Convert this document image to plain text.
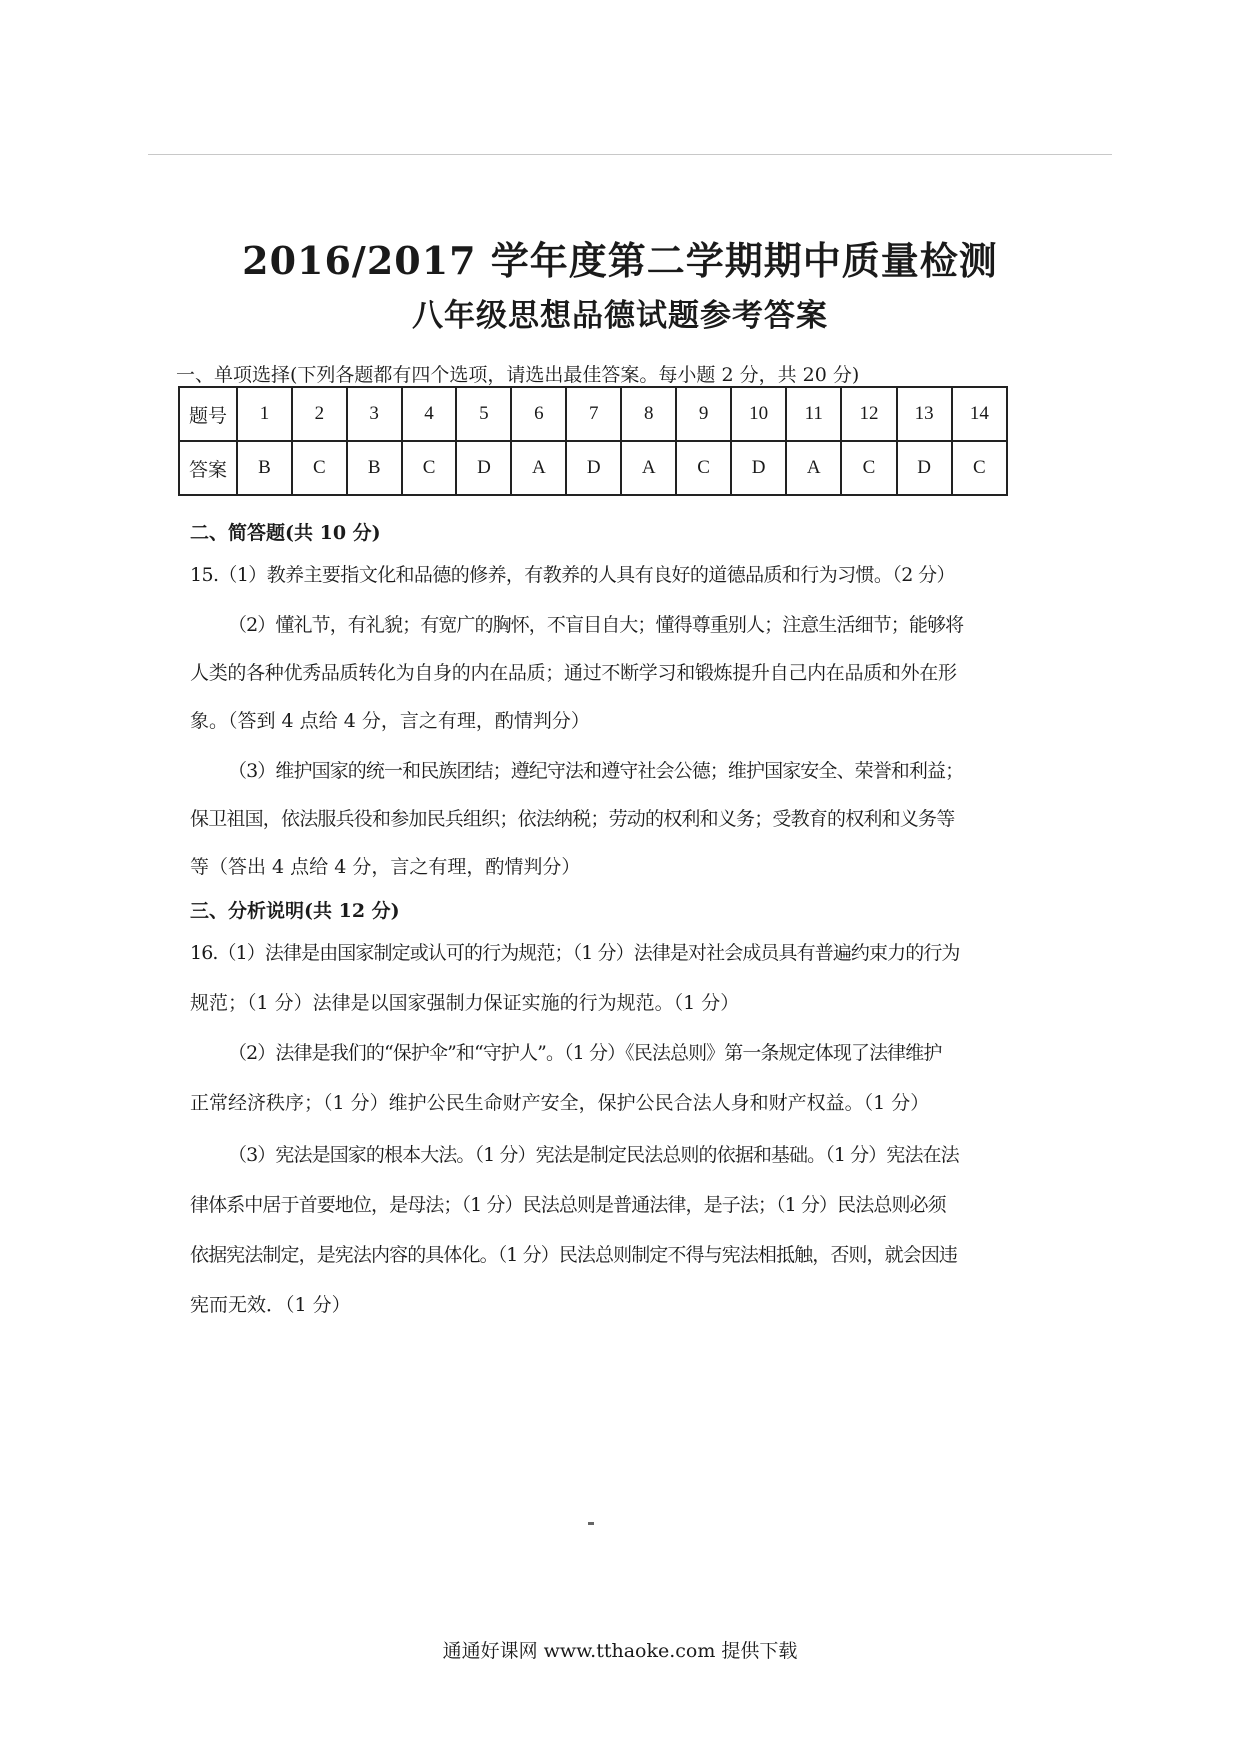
2016/2017 学年度第二学期期中质量检测
八年级思想品德试题参考答案

一、单项选择(下列各题都有四个选项，请选出最佳答案。每小题 2 分，共 20 分)

题号	1	2	3	4	5	6	7	8	9	10	11	12	13	14
答案	B	C	B	C	D	A	D	A	C	D	A	C	D	C

二、简答题(共 10 分)

15.（1）教养主要指文化和品德的修养，有教养的人具有良好的道德品质和行为习惯。（2 分）

（2）懂礼节，有礼貌；有宽广的胸怀，不盲目自大；懂得尊重别人；注意生活细节；能够将

人类的各种优秀品质转化为自身的内在品质；通过不断学习和锻炼提升自己内在品质和外在形

象。（答到 4 点给 4 分，言之有理，酌情判分）

（3）维护国家的统一和民族团结；遵纪守法和遵守社会公德；维护国家安全、荣誉和利益；

保卫祖国，依法服兵役和参加民兵组织；依法纳税；劳动的权利和义务；受教育的权利和义务等

等（答出 4 点给 4 分，言之有理，酌情判分）

三、分析说明(共 12 分)

16.（1）法律是由国家制定或认可的行为规范；（1 分）法律是对社会成员具有普遍约束力的行为

规范；（1 分）法律是以国家强制力保证实施的行为规范。（1 分）

（2）法律是我们的“保护伞”和“守护人”。（1 分）《民法总则》第一条规定体现了法律维护

正常经济秩序；（1 分）维护公民生命财产安全，保护公民合法人身和财产权益。（1 分）

（3）宪法是国家的根本大法。（1 分）宪法是制定民法总则的依据和基础。（1 分）宪法在法

律体系中居于首要地位，是母法；（1 分）民法总则是普通法律，是子法；（1 分）民法总则必须

依据宪法制定，是宪法内容的具体化。（1 分）民法总则制定不得与宪法相抵触，否则，就会因违

宪而无效．（1 分）

通通好课网 www.tthaoke.com 提供下载
